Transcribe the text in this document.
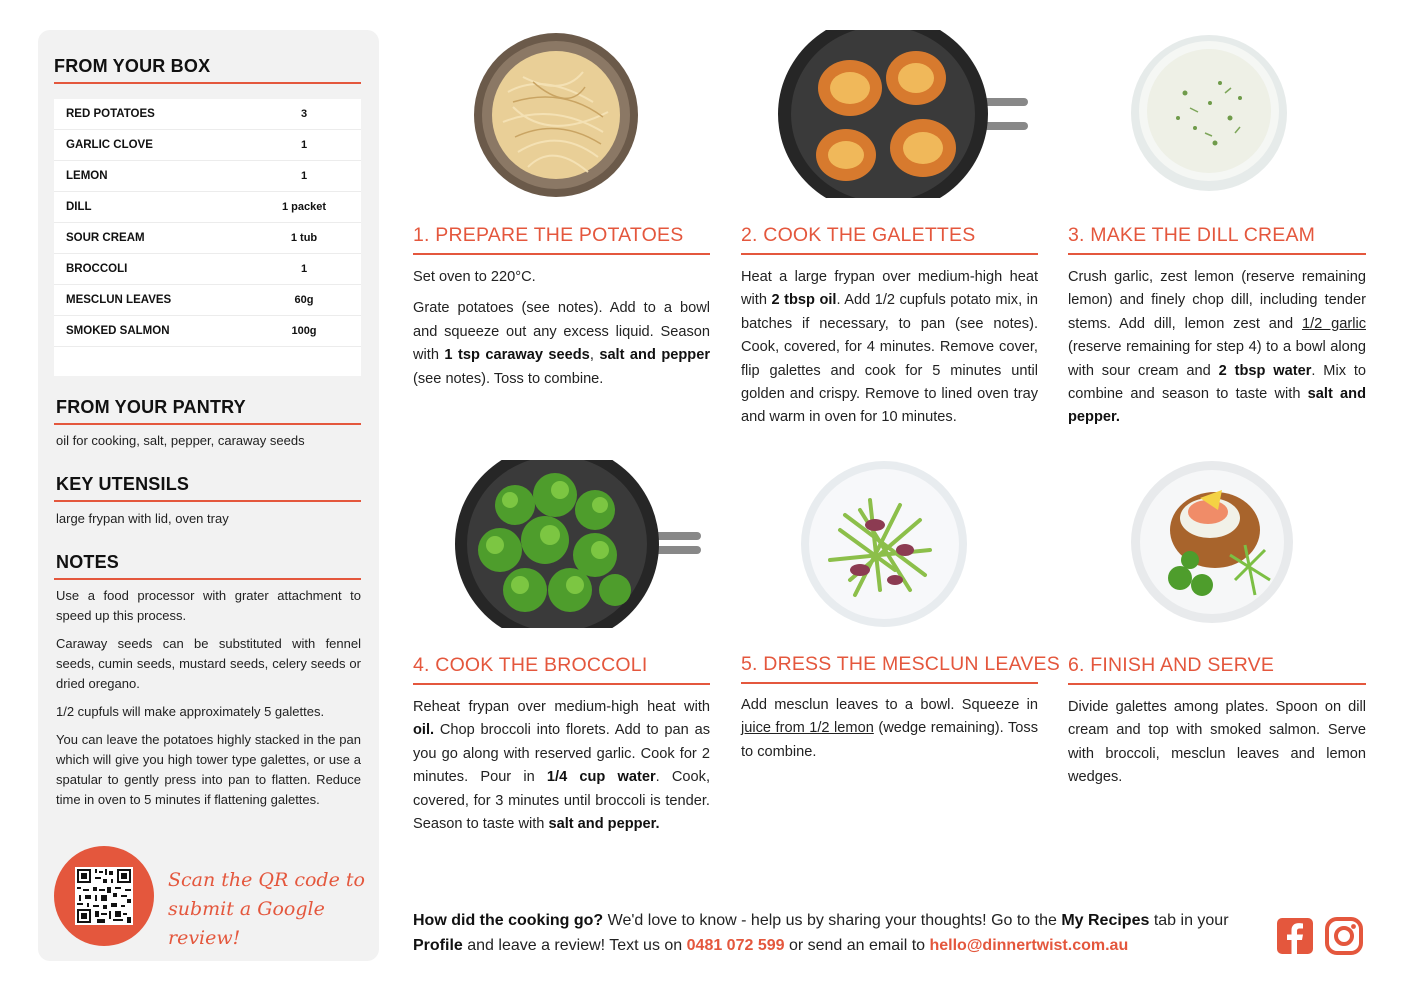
FROM YOUR BOX
RED POTATOES	3
GARLIC CLOVE	1
LEMON	1
DILL	1 packet
SOUR CREAM	1 tub
BROCCOLI	1
MESCLUN LEAVES	60g
SMOKED SALMON	100g
FROM YOUR PANTRY
oil for cooking, salt, pepper, caraway seeds
KEY UTENSILS
large frypan with lid, oven tray
NOTES

Use a food processor with grater attachment to speed up this process.

Caraway seeds can be substituted with fennel seeds, cumin seeds, mustard seeds, celery seeds or dried oregano.

1/2 cupfuls will make approximately 5 galettes.

You can leave the potatoes highly stacked in the pan which will give you high tower type galettes, or use a spatular to gently press into pan to flatten. Reduce time in oven to 5 minutes if flattening galettes.

Scan the QR code to
submit a Google review!
1. PREPARE THE POTATOES

Set oven to 220°C.

Grate potatoes (see notes). Add to a bowl and squeeze out any excess liquid. Season with 1 tsp caraway seeds, salt and pepper (see notes). Toss to combine.

2. COOK THE GALETTES

Heat a large frypan over medium-high heat with 2 tbsp oil. Add 1/2 cupfuls potato mix, in batches if necessary, to pan (see notes). Cook, covered, for 4 minutes. Remove cover, flip galettes and cook for 5 minutes until golden and crispy. Remove to lined oven tray and warm in oven for 10 minutes.

3. MAKE THE DILL CREAM

Crush garlic, zest lemon (reserve remaining lemon) and finely chop dill, including tender stems. Add dill, lemon zest and 1/2 garlic (reserve remaining for step 4) to a bowl along with sour cream and 2 tbsp water. Mix to combine and season to taste with salt and pepper.

4. COOK THE BROCCOLI

Reheat frypan over medium-high heat with oil. Chop broccoli into florets. Add to pan as you go along with reserved garlic. Cook for 2 minutes. Pour in 1/4 cup water. Cook, covered, for 3 minutes until broccoli is tender. Season to taste with salt and pepper.

5. DRESS THE MESCLUN LEAVES

Add mesclun leaves to a bowl. Squeeze in juice from 1/2 lemon (wedge remaining). Toss to combine.

6. FINISH AND SERVE

Divide galettes among plates. Spoon on dill cream and top with smoked salmon. Serve with broccoli, mesclun leaves and lemon wedges.

How did the cooking go? We'd love to know - help us by sharing your thoughts! Go to the My Recipes tab in your Profile and leave a review! Text us on 0481 072 599 or send an email to hello@dinnertwist.com.au
